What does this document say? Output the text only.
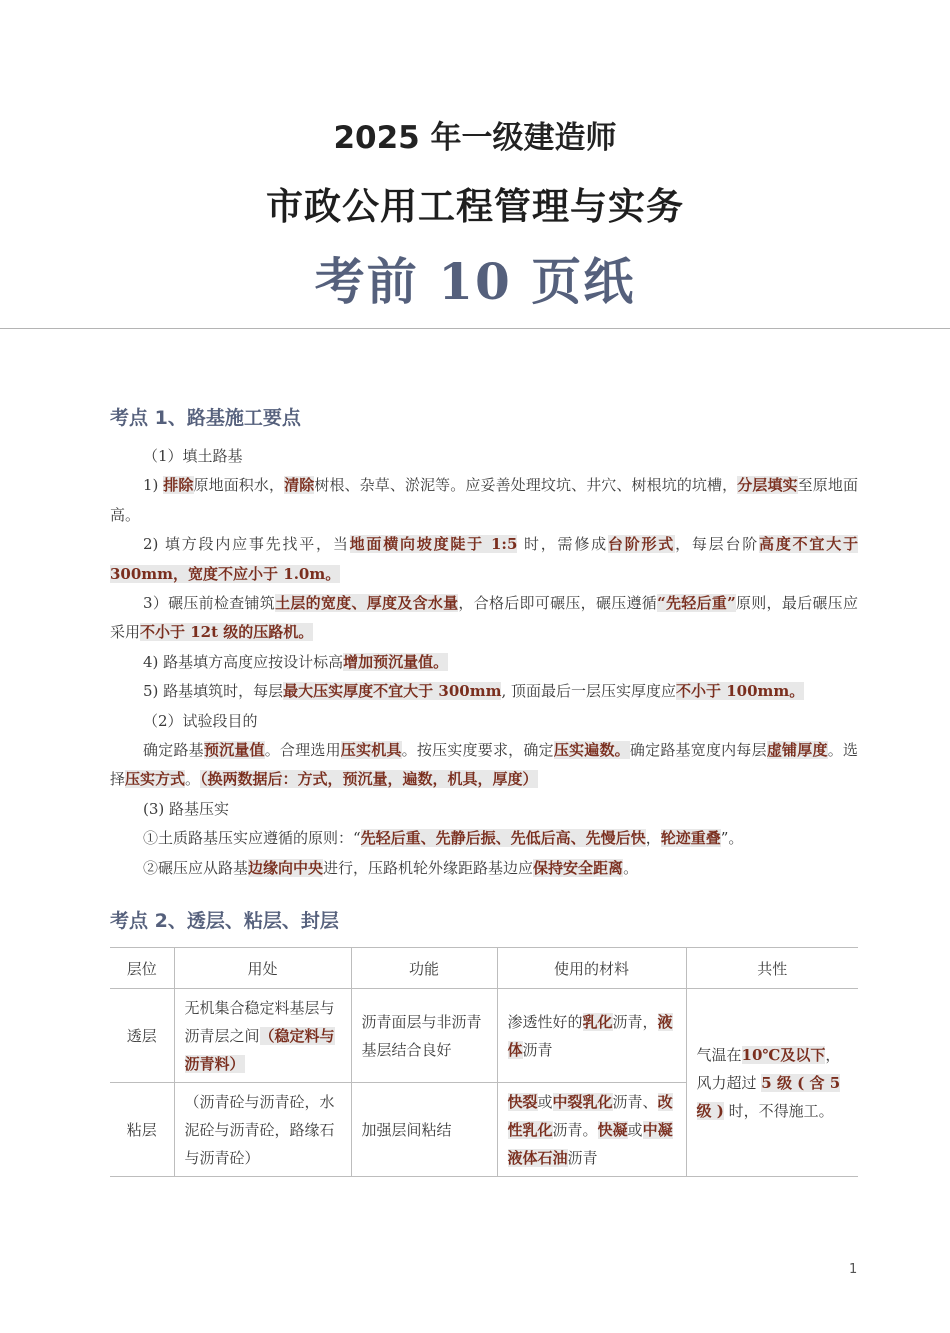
2025 年一级建造师
市政公用工程管理与实务
考前 10 页纸
考点 1、路基施工要点

（1）填土路基

1) 排除原地面积水，清除树根、杂草、淤泥等。应妥善处理坟坑、井穴、树根坑的坑槽，分层填实至原地面高。

2) 填方段内应事先找平，当地面横向坡度陡于 1:5 时，需修成台阶形式，每层台阶高度不宜大于 300mm，宽度不应小于 1.0m。

3）碾压前检查铺筑土层的宽度、厚度及含水量，合格后即可碾压，碾压遵循“先轻后重”原则，最后碾压应采用不小于 12t 级的压路机。

4) 路基填方高度应按设计标高增加预沉量值。

5) 路基填筑时，每层最大压实厚度不宜大于 300mm, 顶面最后一层压实厚度应不小于 100mm。

（2）试验段目的

确定路基预沉量值。合理选用压实机具。按压实度要求，确定压实遍数。确定路基宽度内每层虚铺厚度。选择压实方式。（换两数据后：方式，预沉量，遍数，机具，厚度）

(3) 路基压实

①土质路基压实应遵循的原则：“先轻后重、先静后振、先低后高、先慢后快，轮迹重叠”。

②碾压应从路基边缘向中央进行，压路机轮外缘距路基边应保持安全距离。

考点 2、透层、粘层、封层
层位	用处	功能	使用的材料	共性
透层	无机集合稳定料基层与沥青层之间（稳定料与沥青料）	沥青面层与非沥青基层结合良好	渗透性好的乳化沥青，液体沥青	气温在10℃及以下，风力超过 5 级 ( 含 5 级 ) 时，不得施工。
粘层	（沥青砼与沥青砼，水泥砼与沥青砼，路缘石与沥青砼）	加强层间粘结	快裂或中裂乳化沥青、改性乳化沥青。快凝或中凝液体石油沥青	
1
